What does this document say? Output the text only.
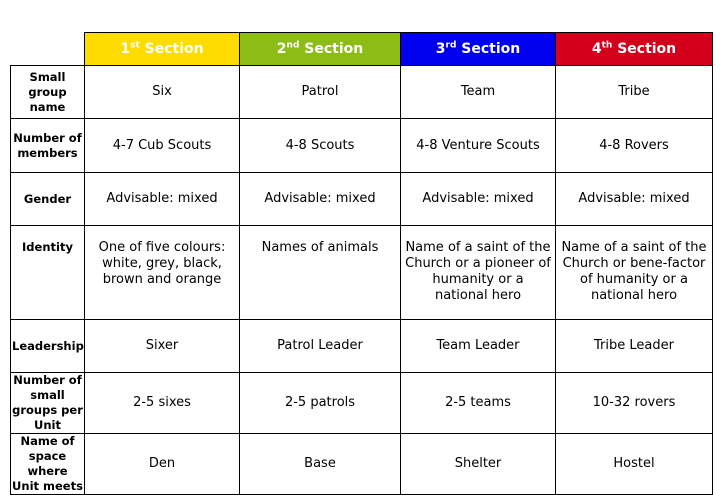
	1st Section	2nd Section	3rd Section	4th Section
Small group name	Six	Patrol	Team	Tribe
Number of members	4-7 Cub Scouts	4-8 Scouts	4-8 Venture Scouts	4-8 Rovers
Gender	Advisable: mixed	Advisable: mixed	Advisable: mixed	Advisable: mixed
Identity	One of five colours: white, grey, black, brown and orange	Names of animals	Name of a saint of the Church or a pioneer of humanity or a national hero	Name of a saint of the Church or bene-factor of humanity or a national hero
Leadership	Sixer	Patrol Leader	Team Leader	Tribe Leader
Number of small groups per Unit	2-5 sixes	2-5 patrols	2-5 teams	10-32 rovers
Name of space where Unit meets	Den	Base	Shelter	Hostel
